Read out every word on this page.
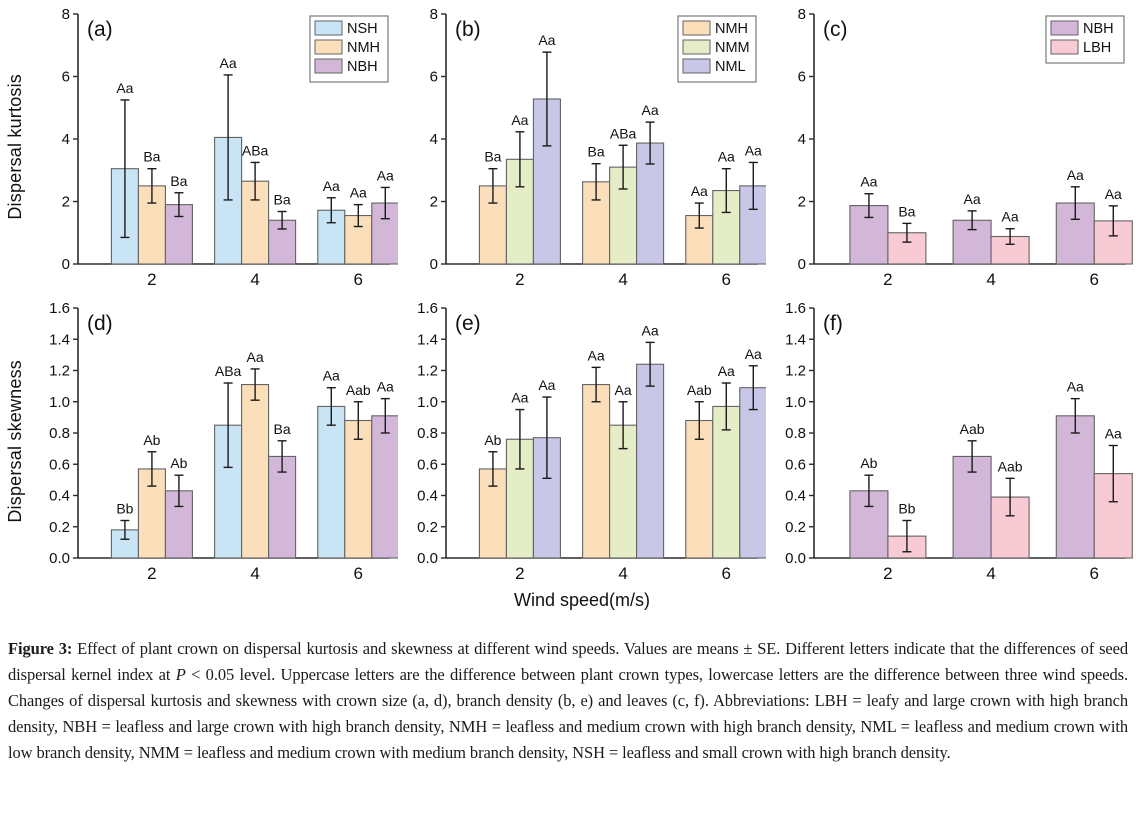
Dispersal kurtosis
0
2
4
6
8
2	4	6
Aa
Aa
Aa
Ba	ABa
Aa
Ba
Ba
Aa
(a)	NSH
NMH
NBH
0
2
4
6
8
2	4	6
Ba	Ba
Aa
Aa
ABa
Aa
Aa
Aa
Aa
(b)	NMH
NMM
NML
0
2
4
6
8
2	4	6
Aa
Aa
Aa
Ba	Aa
Aa
(c)	NBH
LBH
Dispersal skewness
0.0
0.2
0.4
0.6
0.8
1.0
1.2
1.4
1.6
2	4	6
Bb
ABa	Aa
Ab
Aa
Aab
Ab
Ba
Aa
(d)
0.0
0.2
0.4
0.6
0.8
1.0
1.2
1.4
1.6
2	4	6
Ab
Aa
Aab
Aa	Aa
Aa
Aa
Aa
Aa
(e)
0.0
0.2
0.4
0.6
0.8
1.0
1.2
1.4
1.6
2	4	6
Ab
Aab
Aa
Bb
Aab
Aa
(f)
Wind speed(m/s)
Figure 3: Effect of plant crown on dispersal kurtosis and skewness at different wind speeds. Values are means ± SE. Different letters indicate that the differences of seed dispersal kernel index at P < 0.05 level. Uppercase letters are the difference between plant crown types, lowercase letters are the difference between three wind speeds. Changes of dispersal kurtosis and skewness with crown size (a, d), branch density (b, e) and leaves (c, f). Abbreviations: LBH = leafy and large crown with high branch density, NBH = leafless and large crown with high branch density, NMH = leafless and medium crown with high branch density, NML = leafless and medium crown with low branch density, NMM = leafless and medium crown with medium branch density, NSH = leafless and small crown with high branch density.
